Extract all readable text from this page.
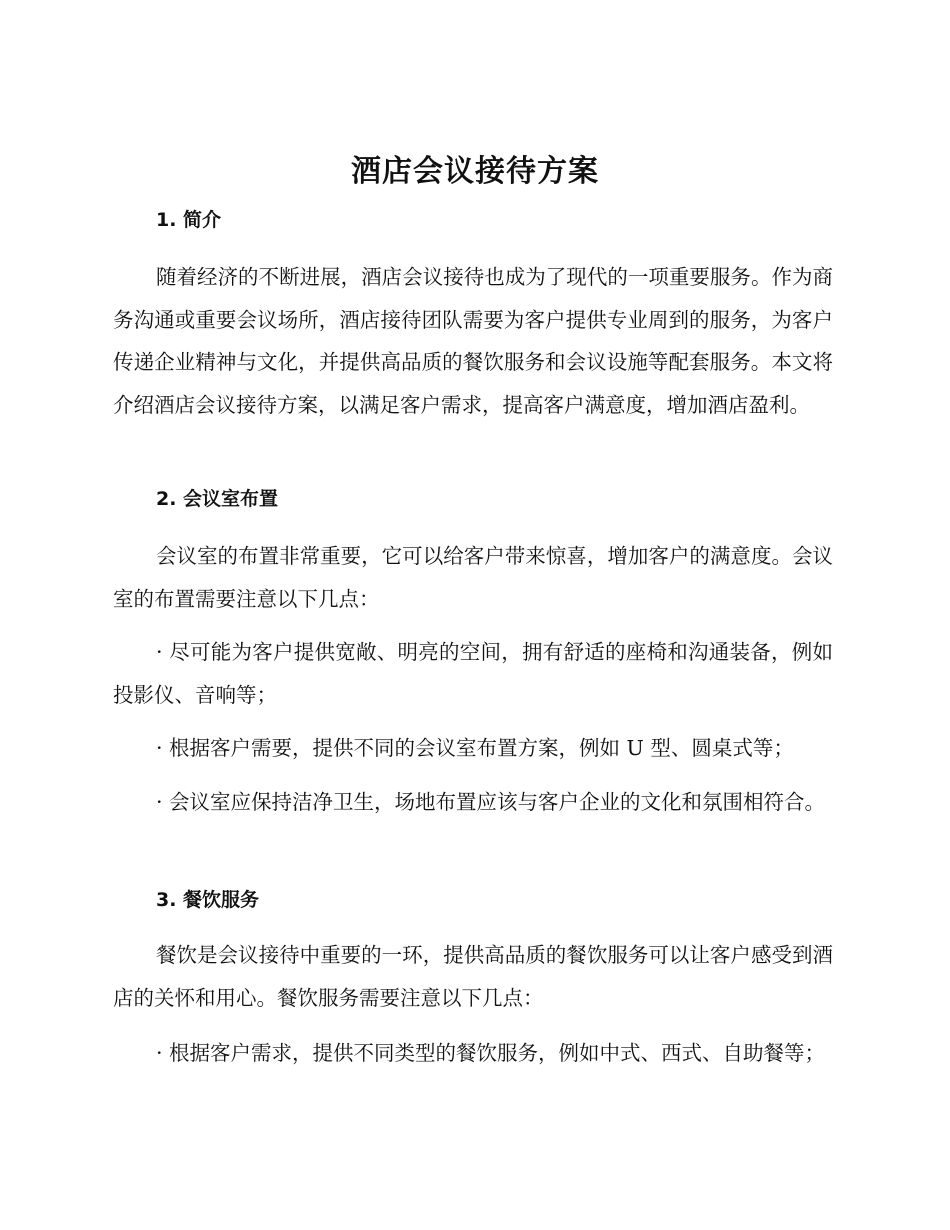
酒店会议接待方案
1. 简介
随着经济的不断进展，酒店会议接待也成为了现代的一项重要服务。作为商务沟通或重要会议场所，酒店接待团队需要为客户提供专业周到的服务，为客户传递企业精神与文化，并提供高品质的餐饮服务和会议设施等配套服务。本文将介绍酒店会议接待方案，以满足客户需求，提高客户满意度，增加酒店盈利。
2. 会议室布置
会议室的布置非常重要，它可以给客户带来惊喜，增加客户的满意度。会议室的布置需要注意以下几点：
· 尽可能为客户提供宽敞、明亮的空间，拥有舒适的座椅和沟通装备，例如投影仪、音响等；
· 根据客户需要，提供不同的会议室布置方案，例如 U 型、圆桌式等；
· 会议室应保持洁净卫生，场地布置应该与客户企业的文化和氛围相符合。
3. 餐饮服务
餐饮是会议接待中重要的一环，提供高品质的餐饮服务可以让客户感受到酒店的关怀和用心。餐饮服务需要注意以下几点：
· 根据客户需求，提供不同类型的餐饮服务，例如中式、西式、自助餐等；
